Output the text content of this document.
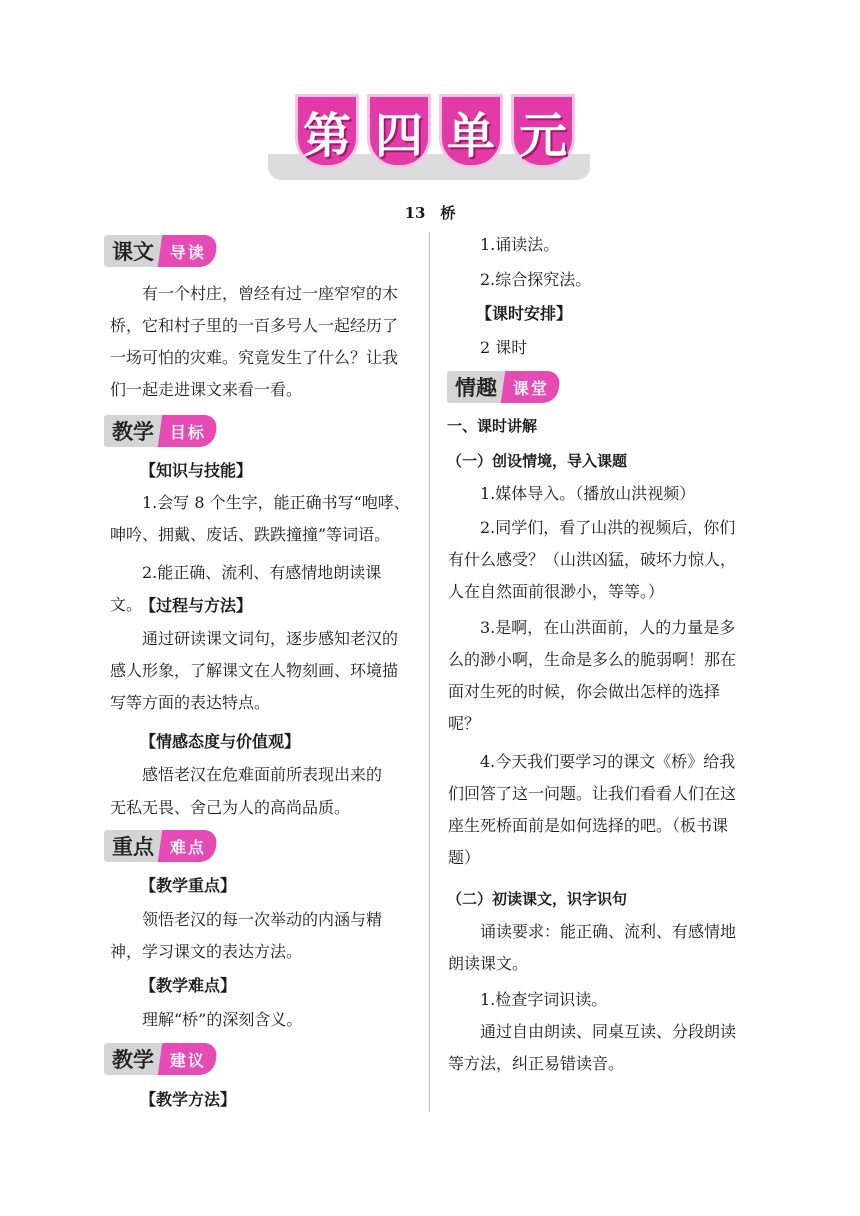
第 四 单 元
13　桥
课文	导读
有一个村庄，曾经有过一座窄窄的木桥，它和村子里的一百多号人一起经历了一场可怕的灾难。究竟发生了什么？让我们一起走进课文来看一看。
教学	目标
【知识与技能】
1.会写 8 个生字，能正确书写“咆哮、呻吟、拥戴、废话、跌跌撞撞”等词语。
2.能正确、流利、有感情地朗读课文。
【过程与方法】
通过研读课文词句，逐步感知老汉的感人形象，了解课文在人物刻画、环境描写等方面的表达特点。
【情感态度与价值观】
感悟老汉在危难面前所表现出来的
无私无畏、舍己为人的高尚品质。
重点	难点
【教学重点】
领悟老汉的每一次举动的内涵与精神，学习课文的表达方法。
【教学难点】
理解“桥”的深刻含义。
教学	建议
【教学方法】
1.诵读法。
2.综合探究法。
【课时安排】
2 课时
情趣	课堂
一、课时讲解
（一）创设情境，导入课题
1.媒体导入。（播放山洪视频）
2.同学们，看了山洪的视频后，你们有什么感受？（山洪凶猛，破坏力惊人，人在自然面前很渺小，等等。）
3.是啊，在山洪面前，人的力量是多么的渺小啊，生命是多么的脆弱啊！那在面对生死的时候，你会做出怎样的选择呢？
4.今天我们要学习的课文《桥》给我们回答了这一问题。让我们看看人们在这座生死桥面前是如何选择的吧。（板书课题）
（二）初读课文，识字识句
诵读要求：能正确、流利、有感情地朗读课文。
1.检查字词识读。
通过自由朗读、同桌互读、分段朗读等方法，纠正易错读音。
